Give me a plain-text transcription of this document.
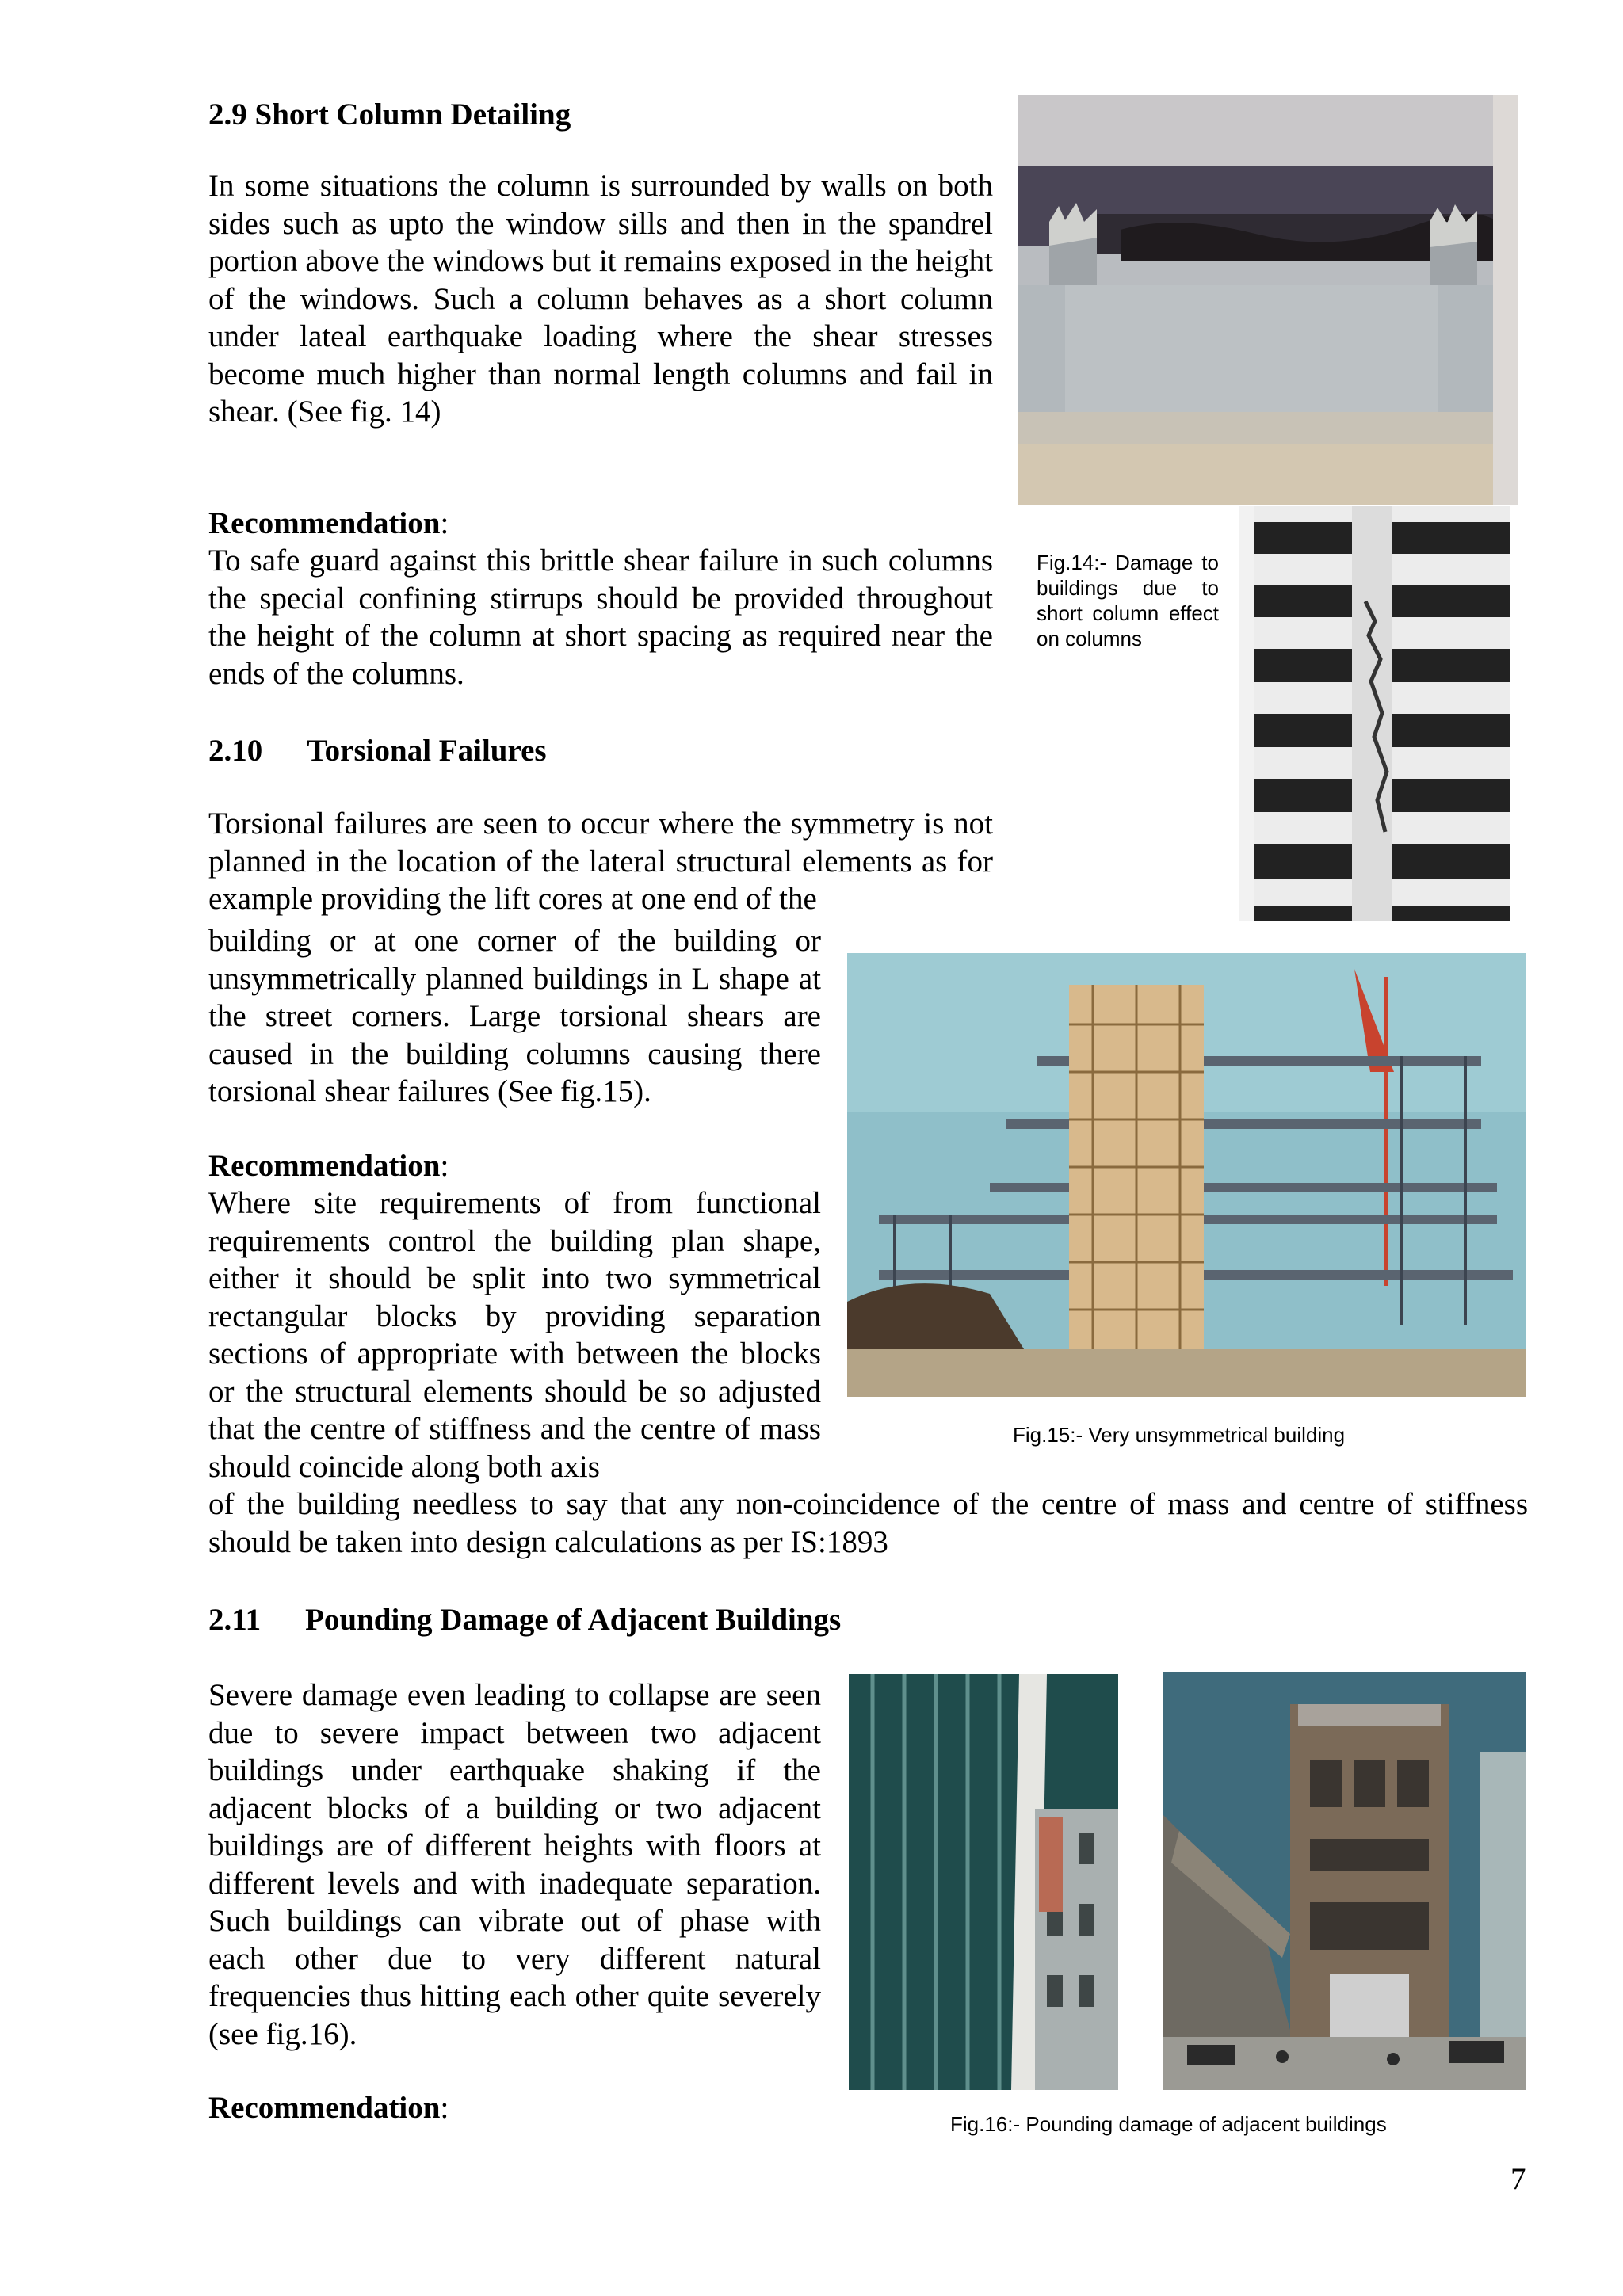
2.9 Short Column Detailing

In some situations the column is surrounded by walls on both sides such as upto the window sills and then in the spandrel portion above the windows but it remains exposed in the height of the windows. Such a column behaves as a short column under lateal earthquake loading where the shear stresses become much higher than normal length columns and fail in shear. (See fig. 14)

Recommendation:

To safe guard against this brittle shear failure in such columns the special confining stirrups should be provided throughout the height of the column at short spacing as required near the ends of the columns.

Fig.14:- Damage to buildings due to short column effect on columns
2.10 Torsional Failures

Torsional failures are seen to occur where the symmetry is not planned in the location of the lateral structural elements as for example providing the lift cores at one end of the

building or at one corner of the building or unsymmetrically planned buildings in L shape at the street corners. Large torsional shears are caused in the building columns causing there torsional shear failures (See fig.15).

Recommendation:

Where site requirements of from functional requirements control the building plan shape, either it should be split into two symmetrical rectangular blocks by providing separation sections of appropriate with between the blocks or the structural elements should be so adjusted that the centre of stiffness and the centre of mass should coincide along both axis

of the building needless to say that any non-coincidence of the centre of mass and centre of stiffness should be taken into design calculations as per IS:1893

Fig.15:- Very unsymmetrical building
2.11 Pounding Damage of Adjacent Buildings

Severe damage even leading to collapse are seen due to severe impact between two adjacent buildings under earthquake shaking if the adjacent blocks of a building or two adjacent buildings are of different heights with floors at different levels and with inadequate separation. Such buildings can vibrate out of phase with each other due to very different natural frequencies thus hitting each other quite severely (see fig.16).

Recommendation:	Fig.16:- Pounding damage of adjacent buildings
7
